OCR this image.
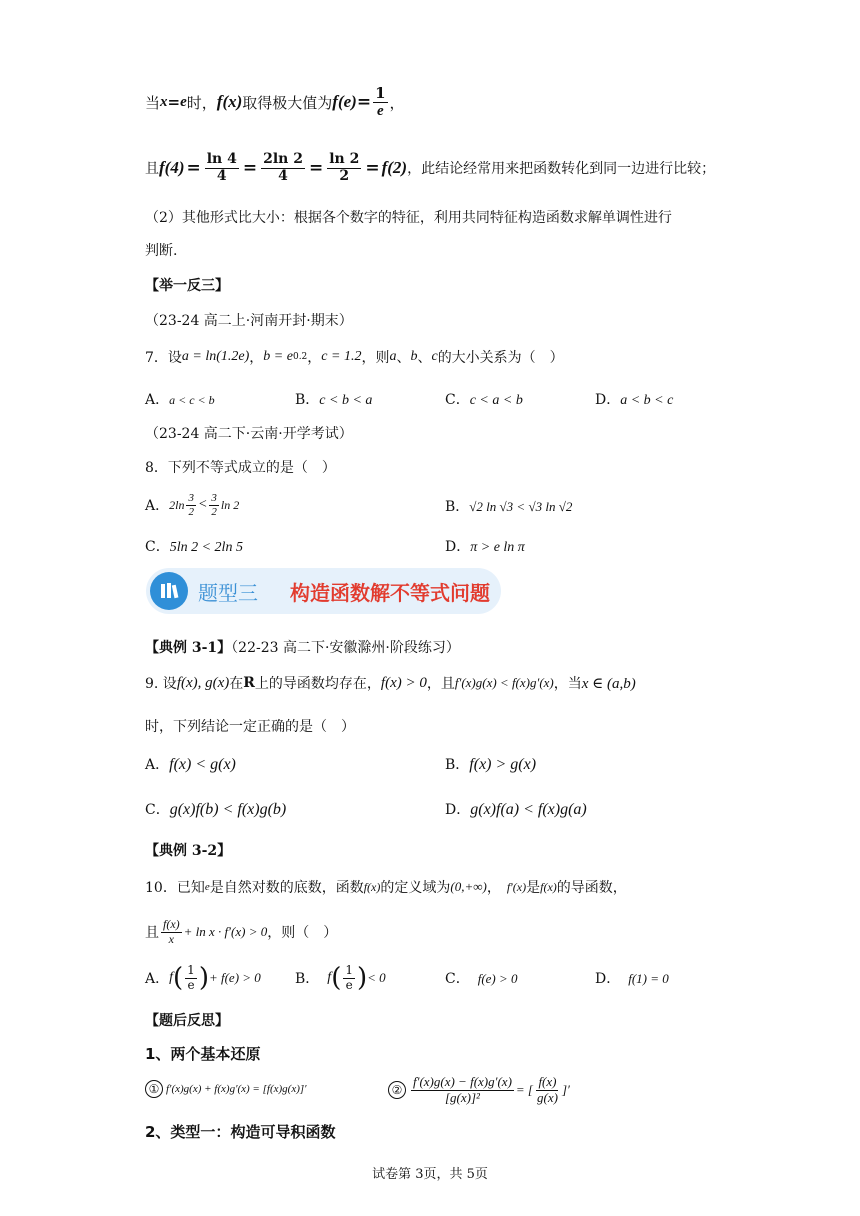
当 x = e 时， f(x) 取得极大值为 $f(e) = \frac{1}{e}$ ，
且 $f(4) = \frac{\ln 4}{4} = \frac{2\ln 2}{4} = \frac{\ln 2}{2} = f(2)$ ，此结论经常用来把函数转化到同一边进行比较；
（2）其他形式比大小：根据各个数字的特征，利用共同特征构造函数求解单调性进行
判断.
【举一反三】
（23-24 高二上·河南开封·期末）
7．设 a = ln(1.2e) ， b = e 0.2 ， c = 1.2 ，则 a 、 b 、 c 的大小关系为（　）
A．a < c < b	B．c < b < a	C．c < a < b	D．a < b < c
（23-24 高二下·云南·开学考试）
8．下列不等式成立的是（　）
A． $2\ln \frac{3}{2} < \frac{3}{2}$ ln 2	B．√2 ln √3 < √3 ln √2
C．5ln 2 < 2ln 5	D．π > e ln π
题型三 构造函数解不等式问题
【典例 3-1】（22-23 高二下·安徽滁州·阶段练习）
9. 设 f(x), g(x) 在 R 上的导函数均存在， f(x) > 0 ，且 f′(x)g(x) < f(x)g′(x) ，当 x ∈ (a,b)
时，下列结论一定正确的是（　）
A．f(x) < g(x)	B．f(x) > g(x)
C．g(x)f(b) < f(x)g(b)	D．g(x)f(a) < f(x)g(a)
【典例 3-2】
10．已知 e 是自然对数的底数，函数 f(x) 的定义域为 (0,+∞) ， f′(x) 是 f(x) 的导函数，
且 $\frac{f(x)}{x} + \ln x \cdot f'(x) > 0$ ，则（　）
A． f ( $\frac{1}{e}$ ) + f(e) > 0 B． f ( $\frac{1}{e}$ ) < 0	C． f(e) > 0	D． f(1) = 0
【题后反思】
1、两个基本还原
① f′(x)g(x) + f(x)g′(x) = [f(x)g(x)]′	② $\frac{f'(x)g(x) - f(x)g'(x)}{\text{[g(x)]²}}$ = [ $\frac{f(x)}{g(x)}$ ]′
2、类型一：构造可导积函数
试卷第 3页，共 5页
